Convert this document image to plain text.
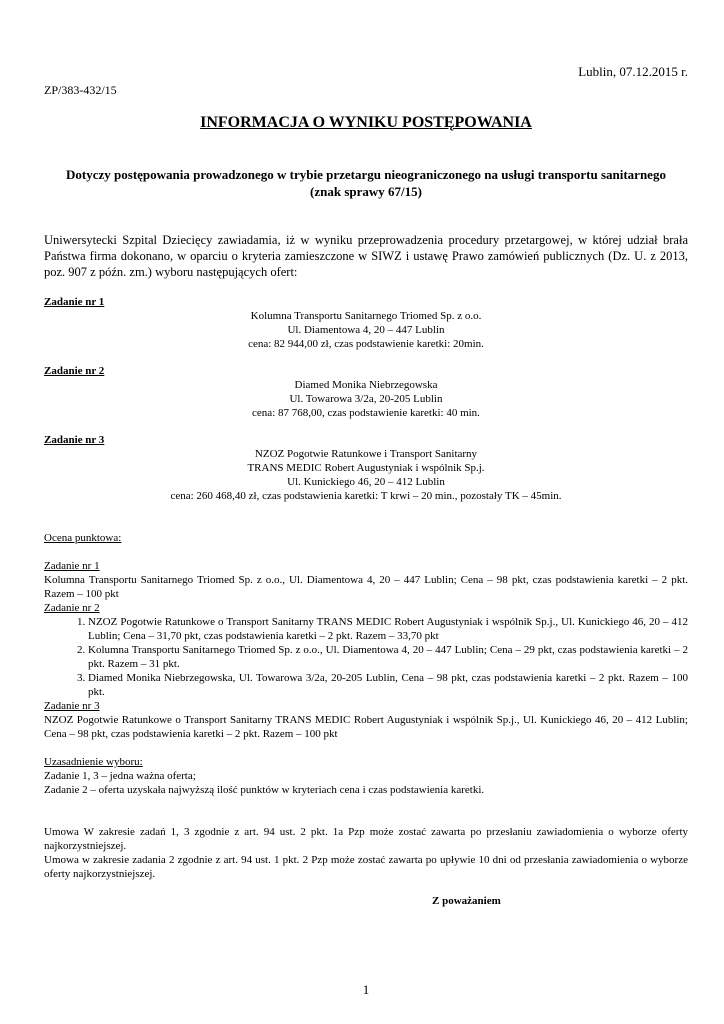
Lublin, 07.12.2015 r.
ZP/383-432/15
INFORMACJA O WYNIKU POSTĘPOWANIA
Dotyczy postępowania prowadzonego w trybie przetargu nieograniczonego na usługi transportu sanitarnego (znak sprawy 67/15)
Uniwersytecki Szpital Dziecięcy zawiadamia, iż w wyniku przeprowadzenia procedury przetargowej, w której udział brała Państwa firma dokonano, w oparciu o kryteria zamieszczone w SIWZ i ustawę Prawo zamówień publicznych (Dz. U. z 2013, poz. 907 z późn. zm.) wyboru następujących ofert:
Zadanie nr 1
Kolumna Transportu Sanitarnego Triomed Sp. z o.o.
Ul. Diamentowa 4, 20 – 447 Lublin
cena: 82 944,00 zł, czas podstawienie karetki: 20min.
Zadanie nr 2
Diamed Monika Niebrzegowska
Ul. Towarowa 3/2a, 20-205 Lublin
cena: 87 768,00, czas podstawienie karetki: 40 min.
Zadanie nr 3
NZOZ Pogotwie Ratunkowe i Transport Sanitarny
TRANS MEDIC Robert Augustyniak i wspólnik Sp.j.
Ul. Kunickiego 46, 20 – 412 Lublin
cena: 260 468,40 zł, czas podstawienia karetki: T krwi – 20 min., pozostały TK – 45min.
Ocena punktowa:
Zadanie nr 1
Kolumna Transportu Sanitarnego Triomed Sp. z o.o., Ul. Diamentowa 4, 20 – 447 Lublin; Cena – 98 pkt, czas podstawienia karetki – 2 pkt. Razem – 100 pkt
Zadanie nr 2
1. NZOZ Pogotwie Ratunkowe o Transport Sanitarny TRANS MEDIC Robert Augustyniak i wspólnik Sp.j., Ul. Kunickiego 46, 20 – 412 Lublin; Cena – 31,70 pkt, czas podstawienia karetki – 2 pkt. Razem – 33,70 pkt
2. Kolumna Transportu Sanitarnego Triomed Sp. z o.o., Ul. Diamentowa 4, 20 – 447 Lublin; Cena – 29 pkt, czas podstawienia karetki – 2 pkt. Razem – 31 pkt.
3. Diamed Monika Niebrzegowska, Ul. Towarowa 3/2a, 20-205 Lublin, Cena – 98 pkt, czas podstawienia karetki – 2 pkt. Razem – 100 pkt.
Zadanie nr 3
NZOZ Pogotwie Ratunkowe o Transport Sanitarny TRANS MEDIC Robert Augustyniak i wspólnik Sp.j., Ul. Kunickiego 46, 20 – 412 Lublin; Cena – 98 pkt, czas podstawienia karetki – 2 pkt. Razem – 100 pkt
Uzasadnienie wyboru:
Zadanie 1, 3 – jedna ważna oferta;
Zadanie 2 – oferta uzyskała najwyższą ilość punktów w kryteriach cena i czas podstawienia karetki.
Umowa W zakresie zadań 1, 3 zgodnie z art. 94 ust. 2 pkt. 1a Pzp może zostać zawarta po przesłaniu zawiadomienia o wyborze oferty najkorzystniejszej.
Umowa w zakresie zadania 2 zgodnie z art. 94 ust. 1 pkt. 2 Pzp może zostać zawarta po upływie 10 dni od przesłania zawiadomienia o wyborze oferty najkorzystniejszej.
Z poważaniem
1
